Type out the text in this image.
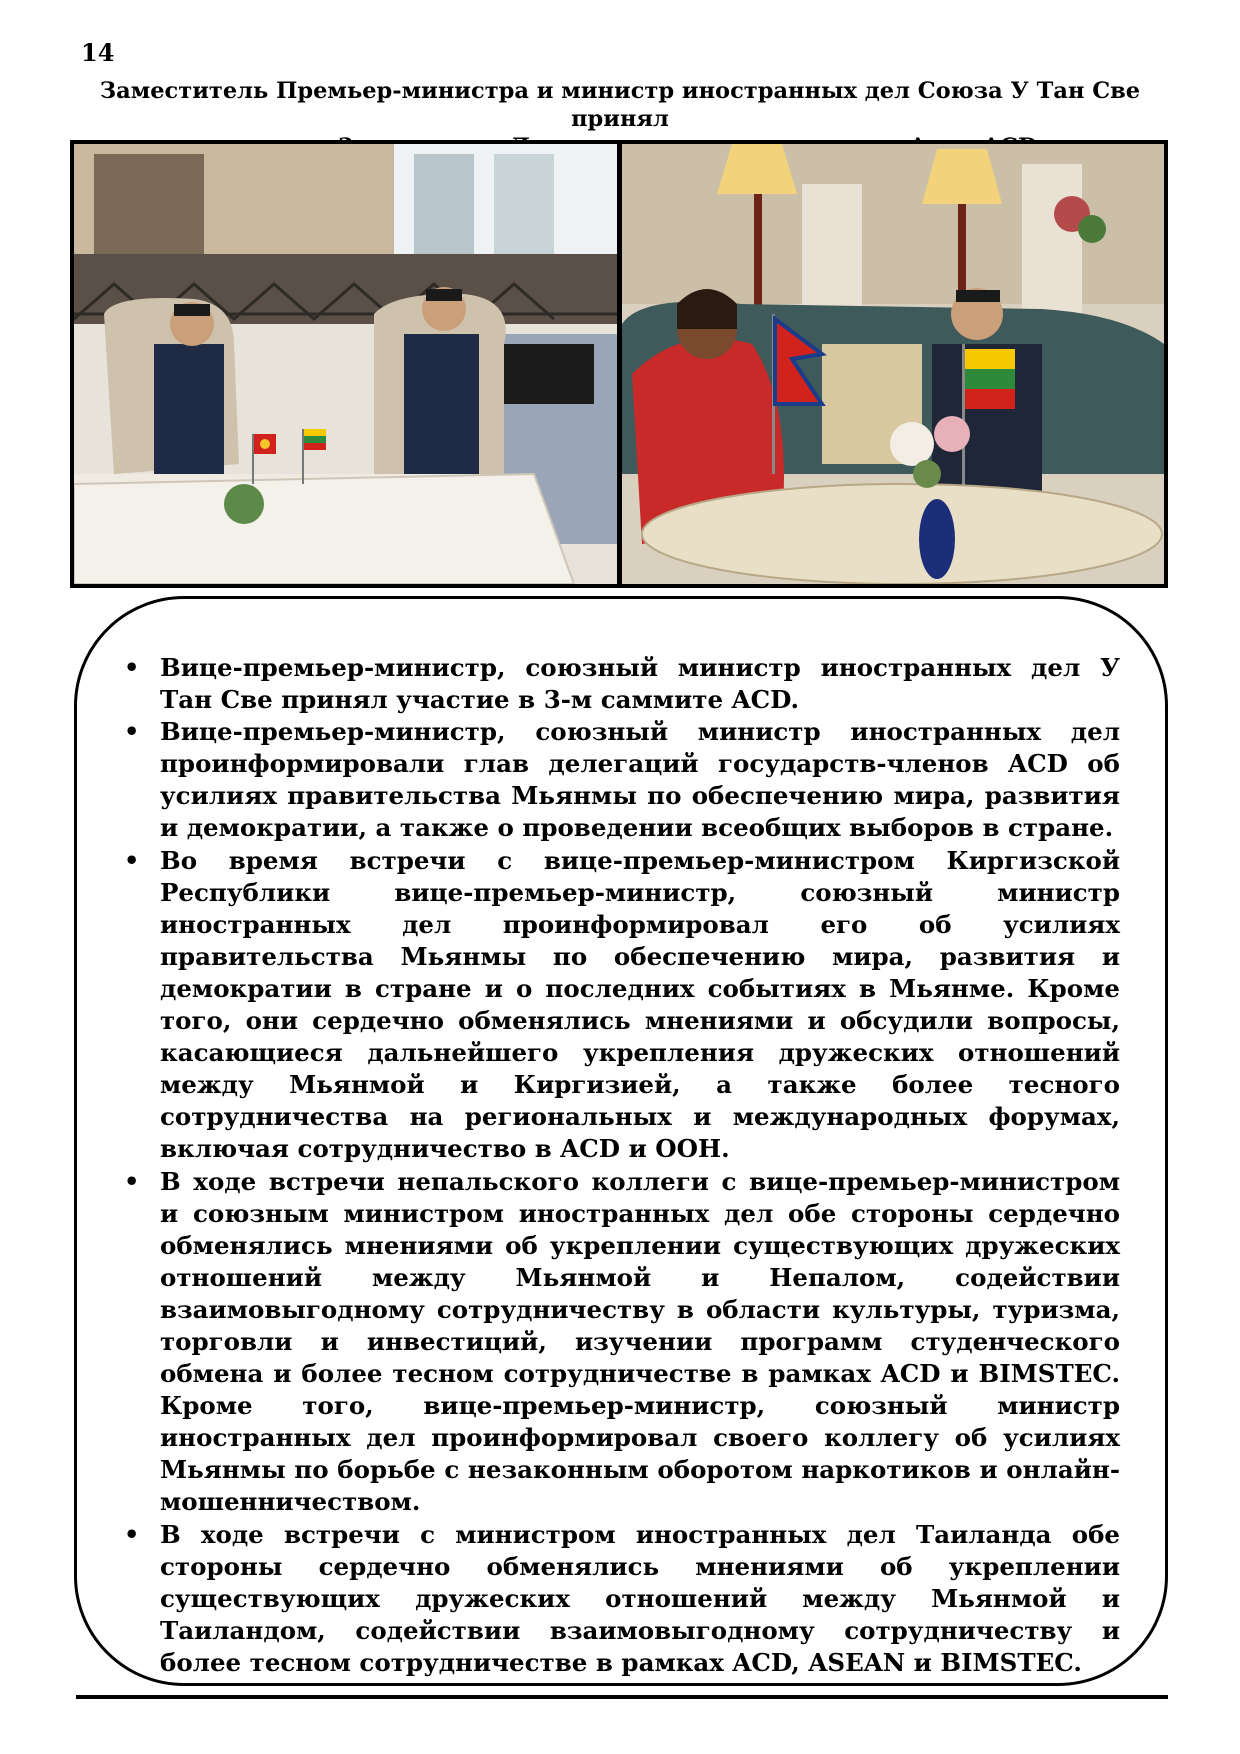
14
Заместитель Премьер-министра и министр иностранных дел Союза У Тан Све принял
• Вице-премьер-министр, союзный министр иностранных дел У Тан Све принял участие в 3-м саммите ACD.
• Вице-премьер-министр, союзный министр иностранных дел проинформировали глав делегаций государств-членов ACD об усилиях правительства Мьянмы по обеспечению мира, развития и демократии, а также о проведении всеобщих выборов в стране.
• Во время встречи с вице-премьер-министром Киргизской Республики вице-премьер-министр, союзный министр иностранных дел проинформировал его об усилиях правительства Мьянмы по обеспечению мира, развития и демократии в стране и о последних событиях в Мьянме. Кроме того, они сердечно обменялись мнениями и обсудили вопросы, касающиеся дальнейшего укрепления дружеских отношений между Мьянмой и Киргизией, а также более тесного сотрудничества на региональных и международных форумах, включая сотрудничество в ACD и ООН.
• В ходе встречи непальского коллеги с вице-премьер-министром и союзным министром иностранных дел обе стороны сердечно обменялись мнениями об укреплении существующих дружеских отношений между Мьянмой и Непалом, содействии взаимовыгодному сотрудничеству в области культуры, туризма, торговли и инвестиций, изучении программ студенческого обмена и более тесном сотрудничестве в рамках ACD и BIMSTEC. Кроме того, вице-премьер-министр, союзный министр иностранных дел проинформировал своего коллегу об усилиях Мьянмы по борьбе с незаконным оборотом наркотиков и онлайн-мошенничеством.
• В ходе встречи с министром иностранных дел Таиланда обе стороны сердечно обменялись мнениями об укреплении существующих дружеских отношений между Мьянмой и Таиландом, содействии взаимовыгодному сотрудничеству и более тесном сотрудничестве в рамках ACD, ASEAN и BIMSTEC.
